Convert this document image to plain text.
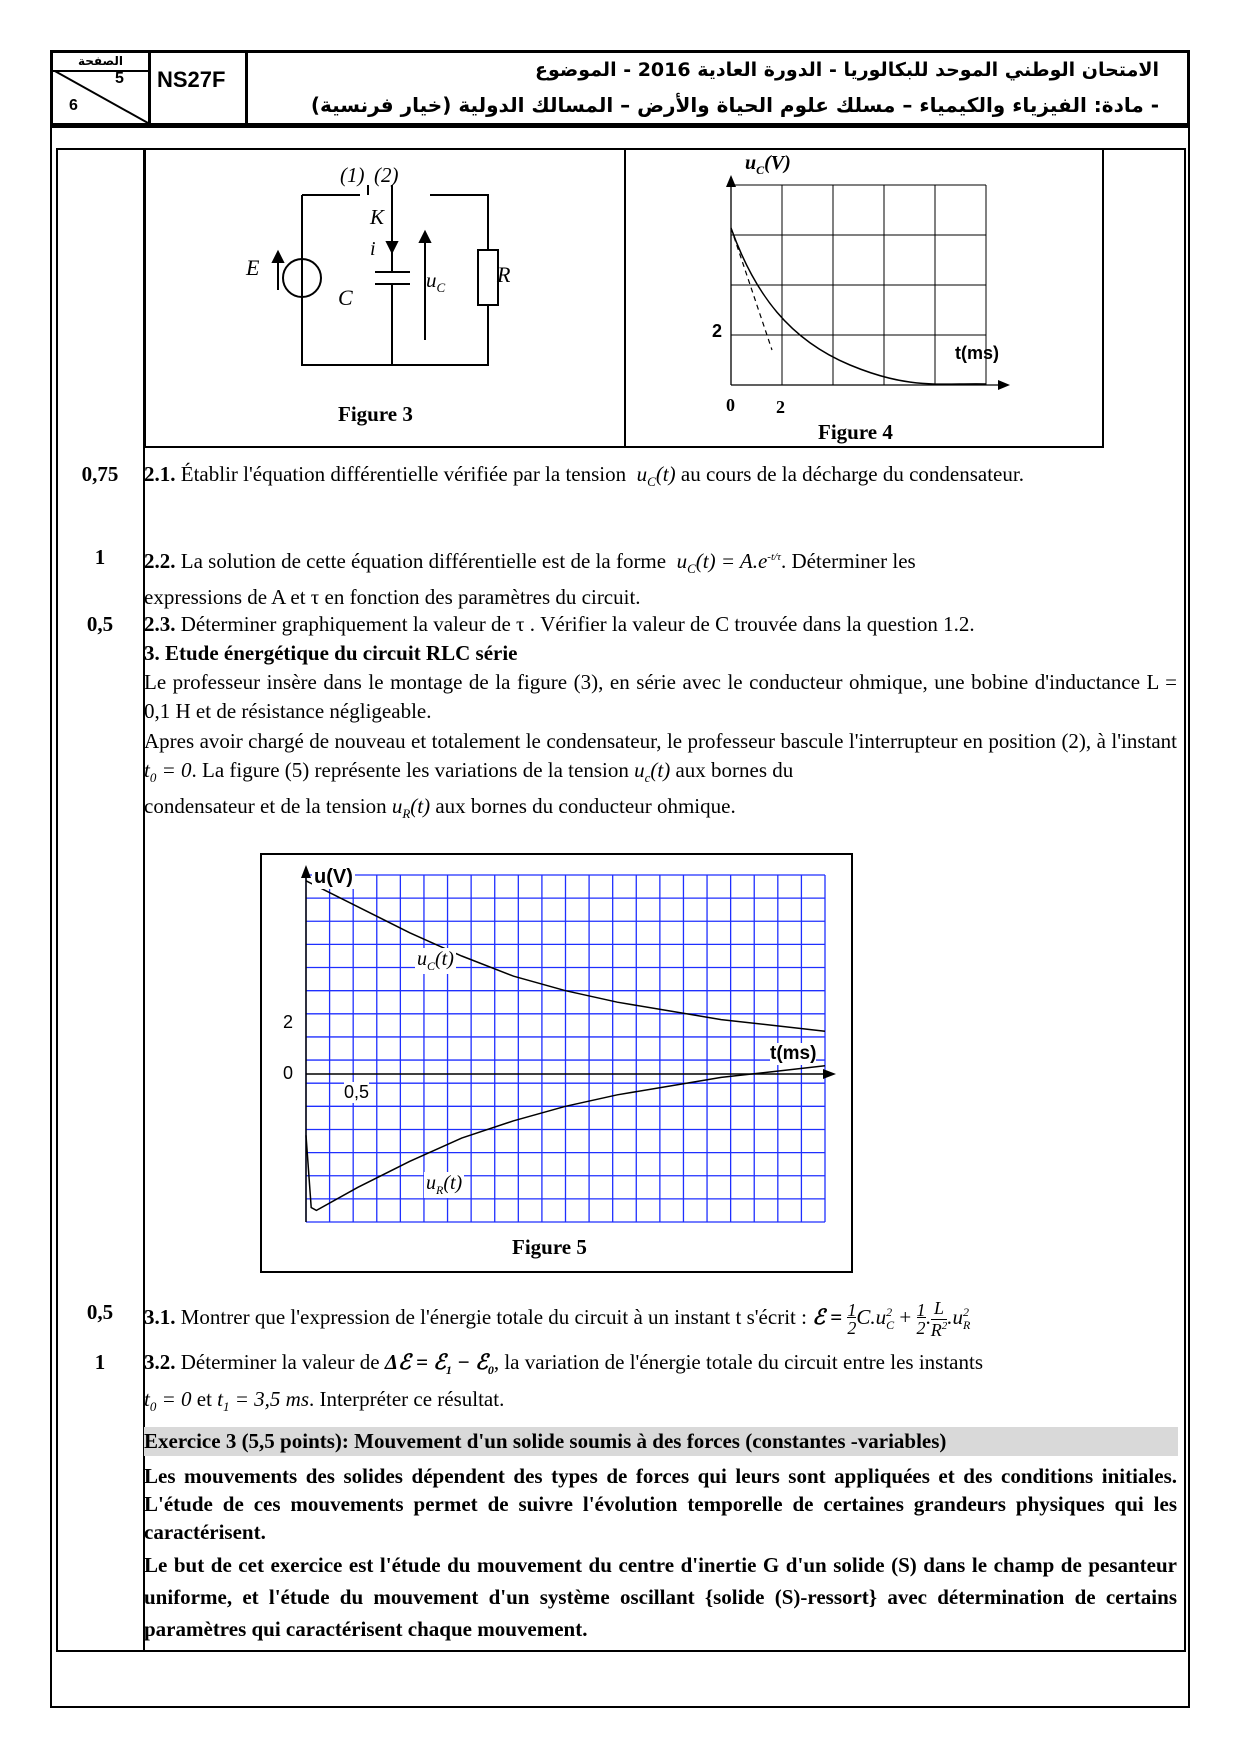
الصفحة
5
6
NS27F	الامتحان الوطني الموحد للبكالوريا - الدورة العادية 2016 - الموضوع
- مادة: الفيزياء والكيمياء – مسلك علوم الحياة والأرض – المسالك الدولية (خيار فرنسية)
(1) (2)
K
i
E
C
$u_C$
R
Figure 3
$u_C(V)$
2
t(ms)
0 2
Figure 4
0,75	2.1. Établir l'équation différentielle vérifiée par la tension $u_C(t)$ au cours de la décharge du condensateur.
1	2.2. La solution de cette équation différentielle est de la forme $u_C(t) = A.e^{-t/\tau}$. Déterminer les
expressions de A et τ en fonction des paramètres du circuit.
0,5	2.3. Déterminer graphiquement la valeur de τ . Vérifier la valeur de C trouvée dans la question 1.2.
3. Etude énergétique du circuit RLC série
Le professeur insère dans le montage de la figure (3), en série avec le conducteur ohmique, une bobine d'inductance L = 0,1 H et de résistance négligeable.
Apres avoir chargé de nouveau et totalement le condensateur, le professeur bascule l'interrupteur en position (2), à l'instant $t_0 = 0$. La figure (5) représente les variations de la tension $u_c(t)$ aux bornes du
condensateur et de la tension $u_R(t)$ aux bornes du conducteur ohmique.
u(V)
2
0
0,5
t(ms)
$u_C(t)$
$u_R(t)$
Figure 5
0,5	3.1. Montrer que l'expression de l'énergie totale du circuit à un instant t s'écrit : ℰ = $\frac{1}{2}C.u^2_C + \frac{1}{2}.\frac{L}{R^2}.u^2_R$
1	3.2. Déterminer la valeur de Δℰ = ℰ$_1$ − ℰ$_0$, la variation de l'énergie totale du circuit entre les instants
$t_0 = 0$ et $t_1 = 3,5$ ms. Interpréter ce résultat.
Exercice 3 (5,5 points): Mouvement d'un solide soumis à des forces (constantes -variables)
Les mouvements des solides dépendent des types de forces qui leurs sont appliquées et des conditions initiales. L'étude de ces mouvements permet de suivre l'évolution temporelle de certaines grandeurs physiques qui les caractérisent.
Le but de cet exercice est l'étude du mouvement du centre d'inertie G d'un solide (S) dans le champ de pesanteur uniforme, et l'étude du mouvement d'un système oscillant {solide (S)-ressort} avec détermination de certains paramètres qui caractérisent chaque mouvement.
